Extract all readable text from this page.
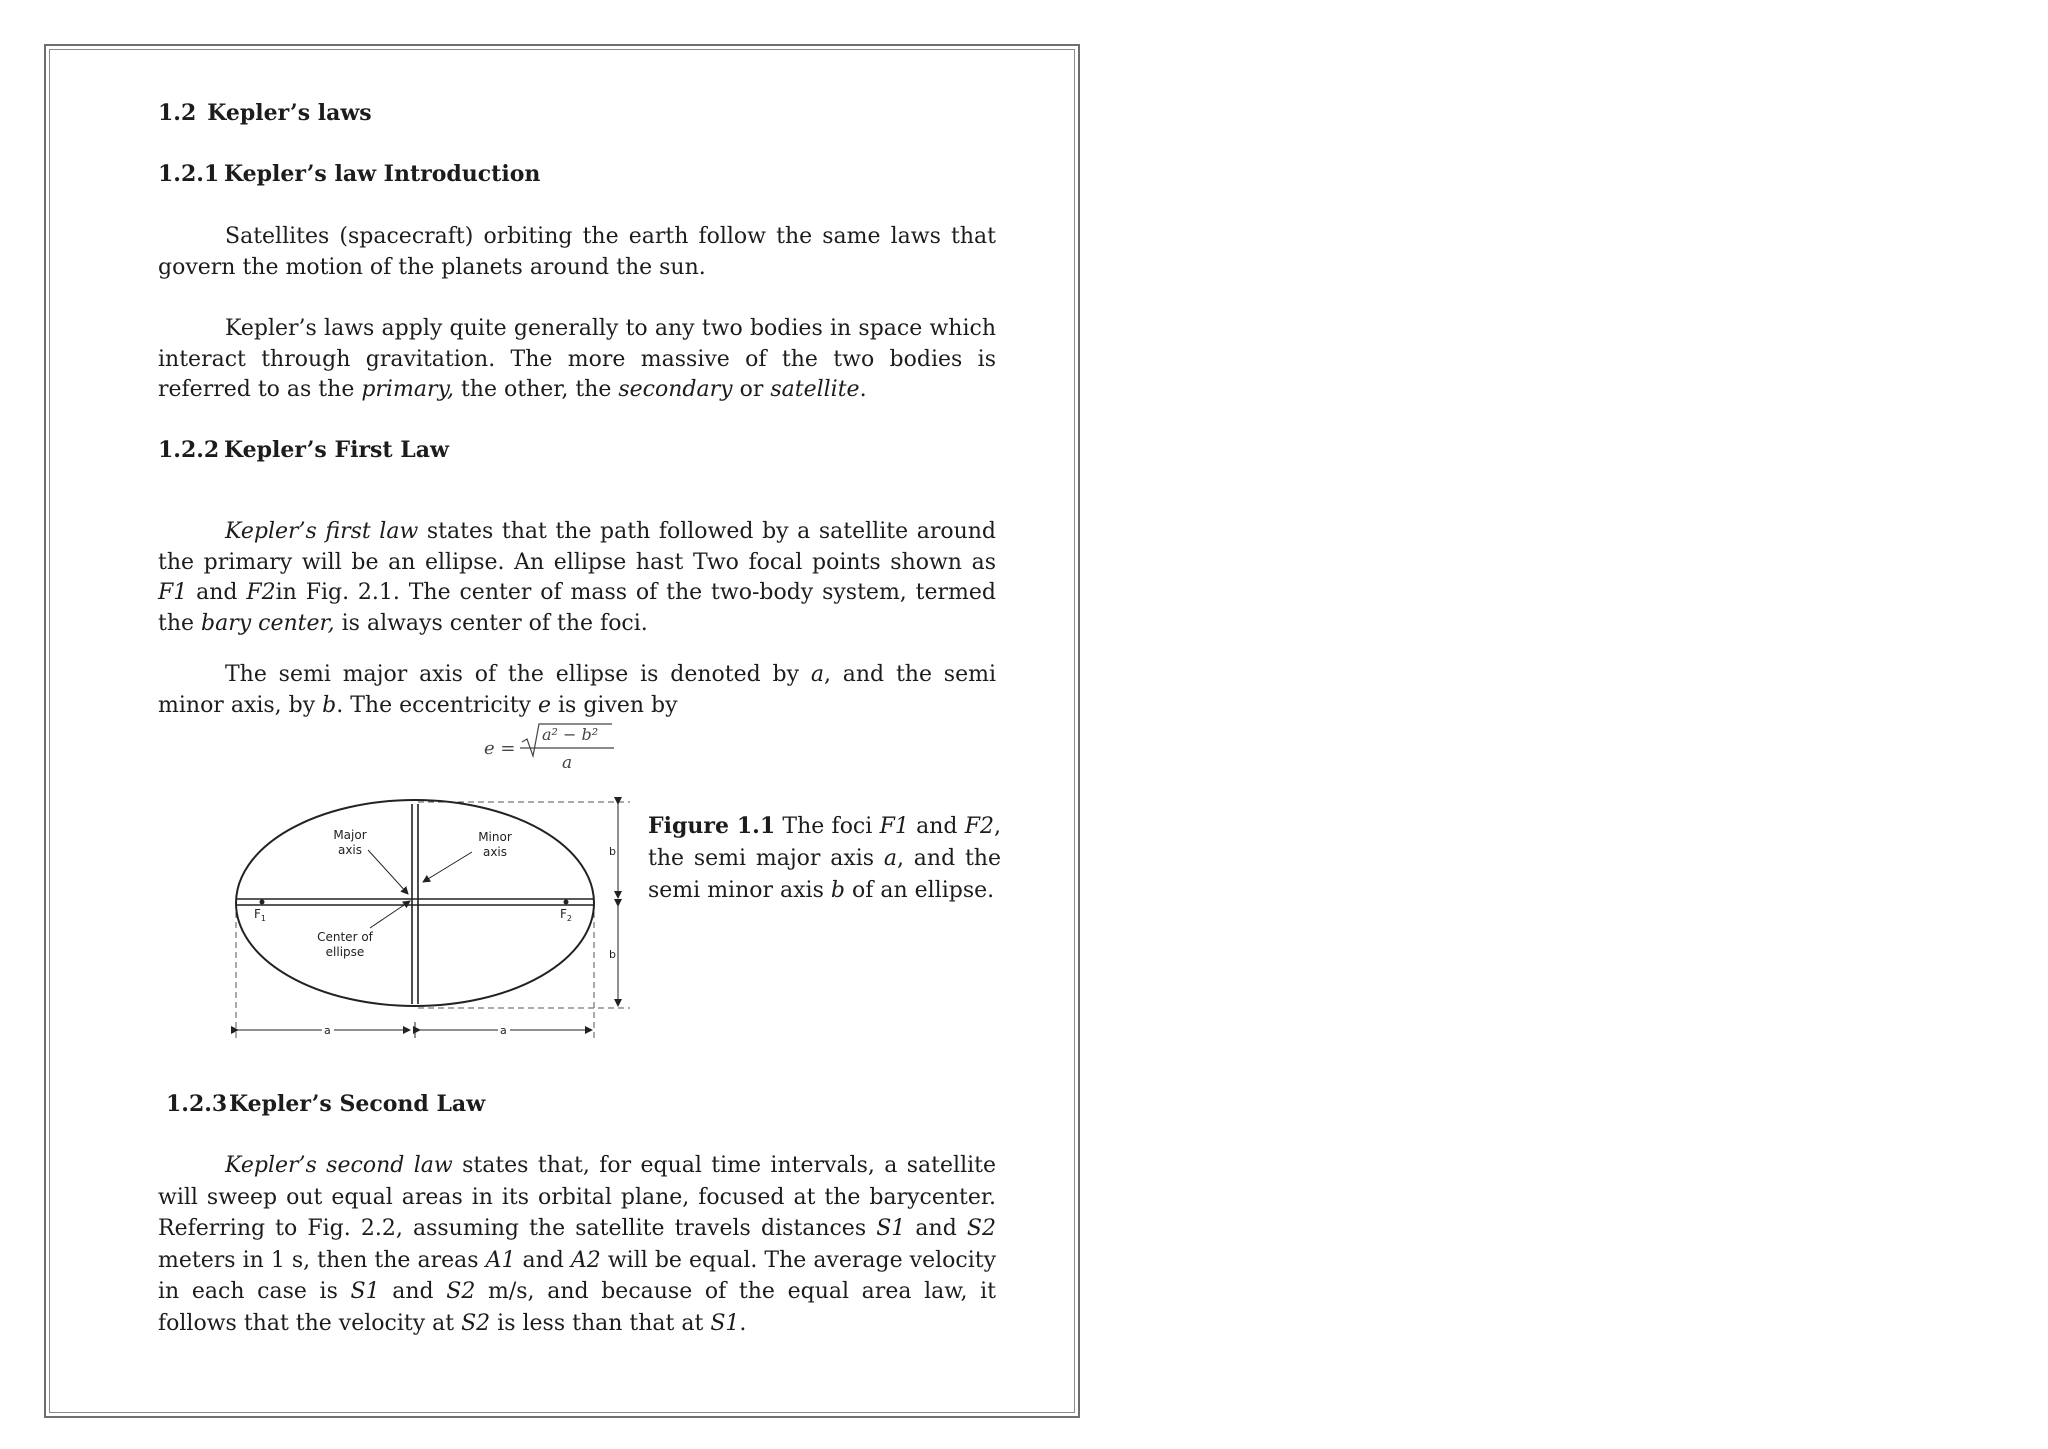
1.2 Kepler’s laws
1.2.1 Kepler’s law Introduction

Satellites (spacecraft) orbiting the earth follow the same laws that govern the motion of the planets around the sun.

Kepler’s laws apply quite generally to any two bodies in space which interact through gravitation. The more massive of the two bodies is referred to as the primary, the other, the secondary or satellite.

1.2.2 Kepler’s First Law

Kepler’s first law states that the path followed by a satellite around the primary will be an ellipse. An ellipse hast Two focal points shown as F1 and F2in Fig. 2.1. The center of mass of the two-body system, termed the bary center, is always center of the foci.

The semi major axis of the ellipse is denoted by a, and the semi minor axis, by b. The eccentricity e is given by

e =
a² − b²
a
Major
axis
Minor
axis
Center of
ellipse
$F_1$	$F_2$
b
b
a	a

Figure 1.1 The foci F1 and F2, the semi major axis a, and the semi minor axis b of an ellipse.

1.2.3Kepler’s Second Law

Kepler’s second law states that, for equal time intervals, a satellite will sweep out equal areas in its orbital plane, focused at the barycenter. Referring to Fig. 2.2, assuming the satellite travels distances S1 and S2 meters in 1 s, then the areas A1 and A2 will be equal. The average velocity in each case is S1 and S2 m/s, and because of the equal area law, it follows that the velocity at S2 is less than that at S1.
